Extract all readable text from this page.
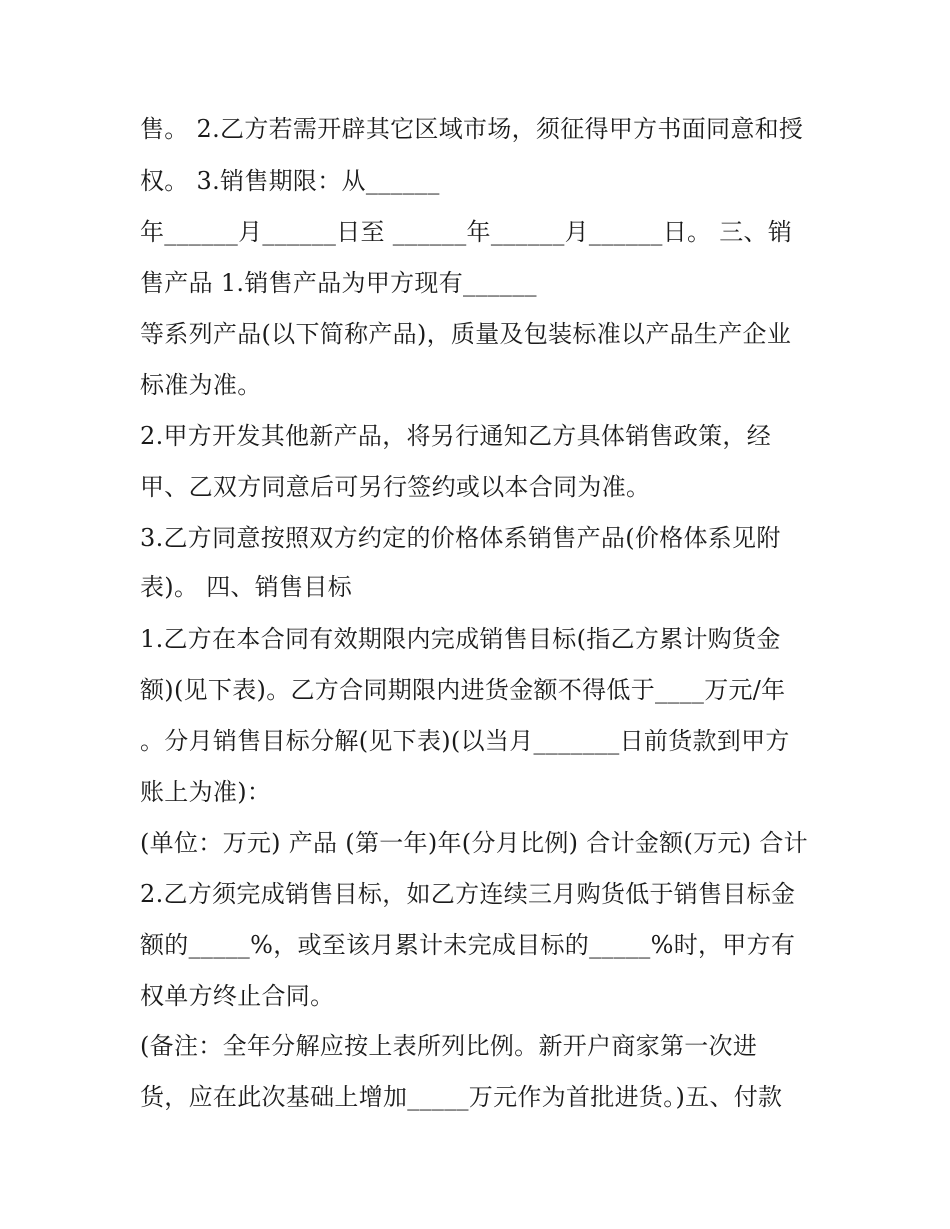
售。 2.乙方若需开辟其它区域市场，须征得甲方书面同意和授
权。 3.销售期限：从______
年______月______日至 ______年______月______日。 三、销
售产品 1.销售产品为甲方现有______
等系列产品(以下简称产品)，质量及包装标准以产品生产企业
标准为准。
2.甲方开发其他新产品，将另行通知乙方具体销售政策，经
甲、乙双方同意后可另行签约或以本合同为准。
3.乙方同意按照双方约定的价格体系销售产品(价格体系见附
表)。 四、销售目标
1.乙方在本合同有效期限内完成销售目标(指乙方累计购货金
额)(见下表)。乙方合同期限内进货金额不得低于____万元/年
。分月销售目标分解(见下表)(以当月_______日前货款到甲方
账上为准)：
(单位：万元) 产品 (第一年)年(分月比例) 合计金额(万元) 合计
2.乙方须完成销售目标，如乙方连续三月购货低于销售目标金
额的_____%，或至该月累计未完成目标的_____%时，甲方有
权单方终止合同。
(备注：全年分解应按上表所列比例。新开户商家第一次进
货，应在此次基础上增加_____万元作为首批进货。)五、付款
